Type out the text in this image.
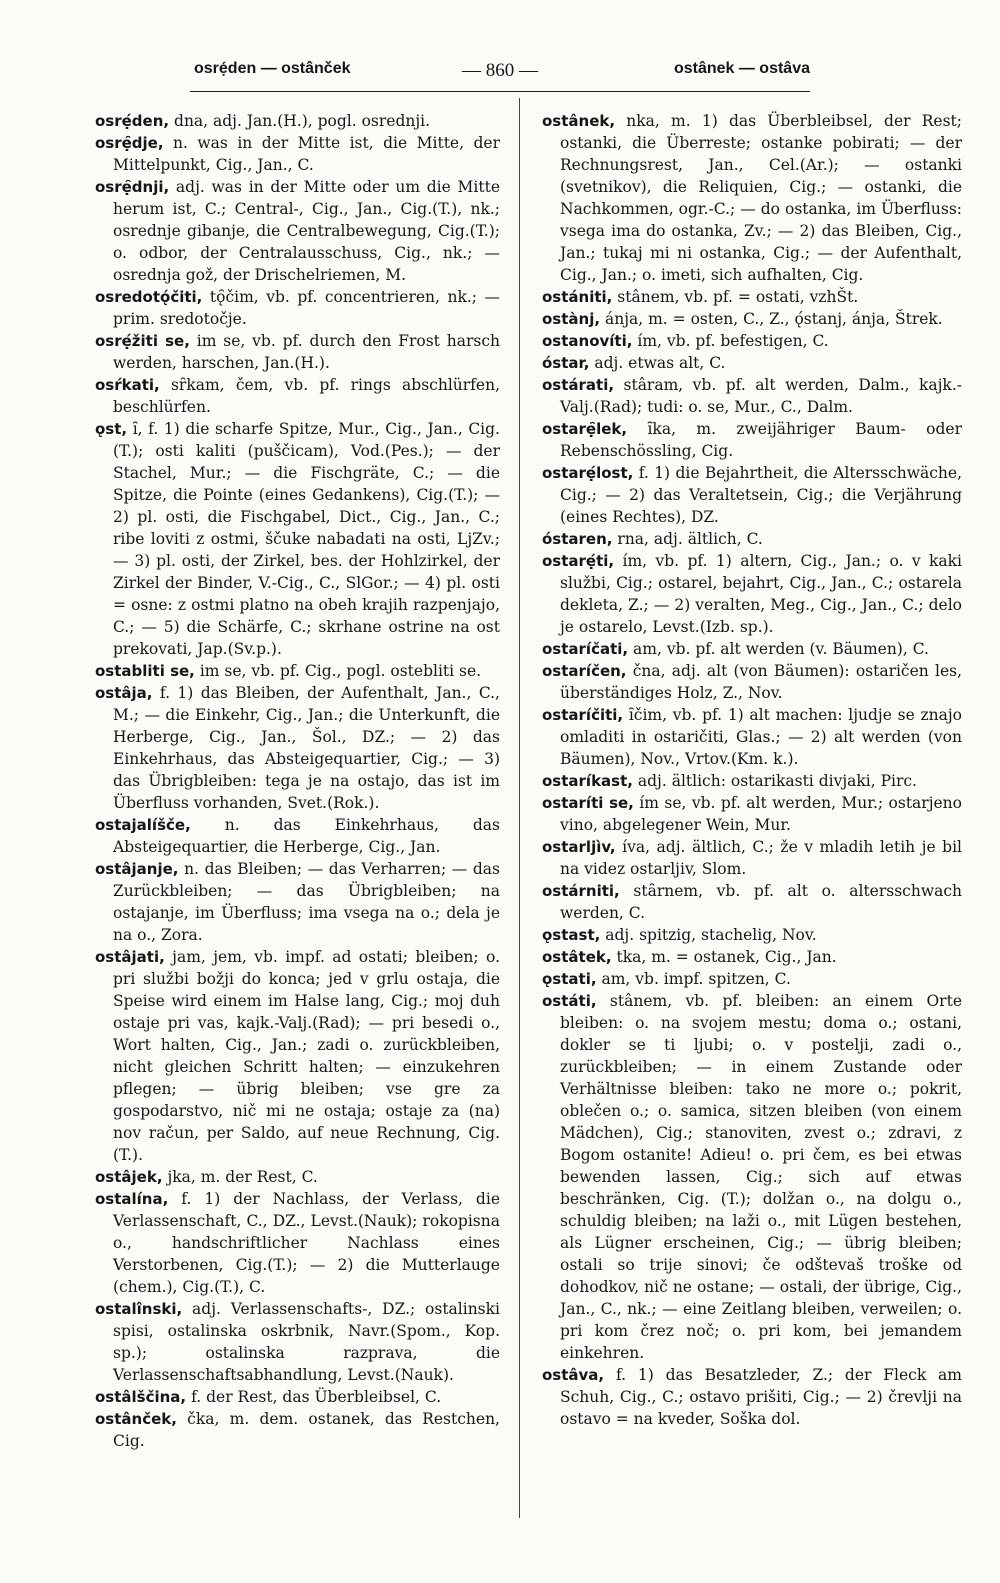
osrẹ́den — ostânček	— 860 —	ostânek — ostâva

osrẹ́den, dna, adj. Jan.(H.), pogl. osrednji.

osrẹ̑dje, n. was in der Mitte ist, die Mitte, der Mittelpunkt, Cig., Jan., C.

osrẹ̑dnji, adj. was in der Mitte oder um die Mitte herum ist, C.; Central-, Cig., Jan., Cig.(T.), nk.; osrednje gibanje, die Centralbewegung, Cig.(T.); o. odbor, der Centralausschuss, Cig., nk.; — osrednja gož, der Drischelriemen, M.

osredotǫ́čiti, tǫ̑čim, vb. pf. concentrieren, nk.; — prim. sredotočje.

osrẹ́žiti se, im se, vb. pf. durch den Frost harsch werden, harschen, Jan.(H.).

osŕkati, sȓkam, čem, vb. pf. rings abschlürfen, beschlürfen.

ǫst, ȋ, f. 1) die scharfe Spitze, Mur., Cig., Jan., Cig.(T.); osti kaliti (puščicam), Vod.(Pes.); — der Stachel, Mur.; — die Fischgräte, C.; — die Spitze, die Pointe (eines Gedankens), Cig.(T.); — 2) pl. osti, die Fischgabel, Dict., Cig., Jan., C.; ribe loviti z ostmi, ščuke nabadati na osti, LjZv.; — 3) pl. osti, der Zirkel, bes. der Hohlzirkel, der Zirkel der Binder, V.-Cig., C., SlGor.; — 4) pl. osti = osne: z ostmi platno na obeh krajih razpenjajo, C.; — 5) die Schärfe, C.; skrhane ostrine na ost prekovati, Jap.(Sv.p.).

ostabliti se, im se, vb. pf. Cig., pogl. ostebliti se.

ostâja, f. 1) das Bleiben, der Aufenthalt, Jan., C., M.; — die Einkehr, Cig., Jan.; die Unterkunft, die Herberge, Cig., Jan., Šol., DZ.; — 2) das Einkehrhaus, das Absteigequartier, Cig.; — 3) das Übrigbleiben: tega je na ostajo, das ist im Überfluss vorhanden, Svet.(Rok.).

ostajalíšče, n. das Einkehrhaus, das Absteigequartier, die Herberge, Cig., Jan.

ostâjanje, n. das Bleiben; — das Verharren; — das Zurückbleiben; — das Übrigbleiben; na ostajanje, im Überfluss; ima vsega na o.; dela je na o., Zora.

ostâjati, jam, jem, vb. impf. ad ostati; bleiben; o. pri službi božji do konca; jed v grlu ostaja, die Speise wird einem im Halse lang, Cig.; moj duh ostaje pri vas, kajk.-Valj.(Rad); — pri besedi o., Wort halten, Cig., Jan.; zadi o. zurückbleiben, nicht gleichen Schritt halten; — einzukehren pflegen; — übrig bleiben; vse gre za gospodarstvo, nič mi ne ostaja; ostaje za (na) nov račun, per Saldo, auf neue Rechnung, Cig.(T.).

ostâjek, jka, m. der Rest, C.

ostalína, f. 1) der Nachlass, der Verlass, die Verlassenschaft, C., DZ., Levst.(Nauk); rokopisna o., handschriftlicher Nachlass eines Verstorbenen, Cig.(T.); — 2) die Mutterlauge (chem.), Cig.(T.), C.

ostalînski, adj. Verlassenschafts-, DZ.; ostalinski spisi, ostalinska oskrbnik, Navr.(Spom., Kop. sp.); ostalinska razprava, die Verlassenschaftsabhandlung, Levst.(Nauk).

ostâlščina, f. der Rest, das Überbleibsel, C.

ostânček, čka, m. dem. ostanek, das Restchen, Cig.

ostânek, nka, m. 1) das Überbleibsel, der Rest; ostanki, die Überreste; ostanke pobirati; — der Rechnungsrest, Jan., Cel.(Ar.); — ostanki (svetnikov), die Reliquien, Cig.; — ostanki, die Nachkommen, ogr.-C.; — do ostanka, im Überfluss: vsega ima do ostanka, Zv.; — 2) das Bleiben, Cig., Jan.; tukaj mi ni ostanka, Cig.; — der Aufenthalt, Cig., Jan.; o. imeti, sich aufhalten, Cig.

ostániti, stânem, vb. pf. = ostati, vzhŠt.

ostànj, ánja, m. = osten, C., Z., ǫ́stanj, ánja, Štrek.

ostanovíti, ím, vb. pf. befestigen, C.

óstar, adj. etwas alt, C.

ostárati, stâram, vb. pf. alt werden, Dalm., kajk.-Valj.(Rad); tudi: o. se, Mur., C., Dalm.

ostarẹ̑lek, ȋka, m. zweijähriger Baum- oder Rebenschössling, Cig.

ostarẹ́lost, f. 1) die Bejahrtheit, die Altersschwäche, Cig.; — 2) das Veraltetsein, Cig.; die Verjährung (eines Rechtes), DZ.

óstaren, rna, adj. ältlich, C.

ostarẹ́ti, ím, vb. pf. 1) altern, Cig., Jan.; o. v kaki službi, Cig.; ostarel, bejahrt, Cig., Jan., C.; ostarela dekleta, Z.; — 2) veralten, Meg., Cig., Jan., C.; delo je ostarelo, Levst.(Izb. sp.).

ostaríčati, am, vb. pf. alt werden (v. Bäumen), C.

ostaríčen, čna, adj. alt (von Bäumen): ostaričen les, überständiges Holz, Z., Nov.

ostaríčiti, ȋčim, vb. pf. 1) alt machen: ljudje se znajo omladiti in ostaričiti, Glas.; — 2) alt werden (von Bäumen), Nov., Vrtov.(Km. k.).

ostaríkast, adj. ältlich: ostarikasti divjaki, Pirc.

ostaríti se, ím se, vb. pf. alt werden, Mur.; ostarjeno vino, abgelegener Wein, Mur.

ostarljìv, íva, adj. ältlich, C.; že v mladih letih je bil na videz ostarljiv, Slom.

ostárniti, stȃrnem, vb. pf. alt o. altersschwach werden, C.

ǫstast, adj. spitzig, stachelig, Nov.

ostâtek, tka, m. = ostanek, Cig., Jan.

ǫstati, am, vb. impf. spitzen, C.

ostáti, stânem, vb. pf. bleiben: an einem Orte bleiben: o. na svojem mestu; doma o.; ostani, dokler se ti ljubi; o. v postelji, zadi o., zurückbleiben; — in einem Zustande oder Verhältnisse bleiben: tako ne more o.; pokrit, oblečen o.; o. samica, sitzen bleiben (von einem Mädchen), Cig.; stanoviten, zvest o.; zdravi, z Bogom ostanite! Adieu! o. pri čem, es bei etwas bewenden lassen, Cig.; sich auf etwas beschränken, Cig. (T.); dolžan o., na dolgu o., schuldig bleiben; na laži o., mit Lügen bestehen, als Lügner erscheinen, Cig.; — übrig bleiben; ostali so trije sinovi; če odštevaš troške od dohodkov, nič ne ostane; — ostali, der übrige, Cig., Jan., C., nk.; — eine Zeitlang bleiben, verweilen; o. pri kom črez noč; o. pri kom, bei jemandem einkehren.

ostâva, f. 1) das Besatzleder, Z.; der Fleck am Schuh, Cig., C.; ostavo prišiti, Cig.; — 2) črevlji na ostavo = na kveder, Soška dol.
